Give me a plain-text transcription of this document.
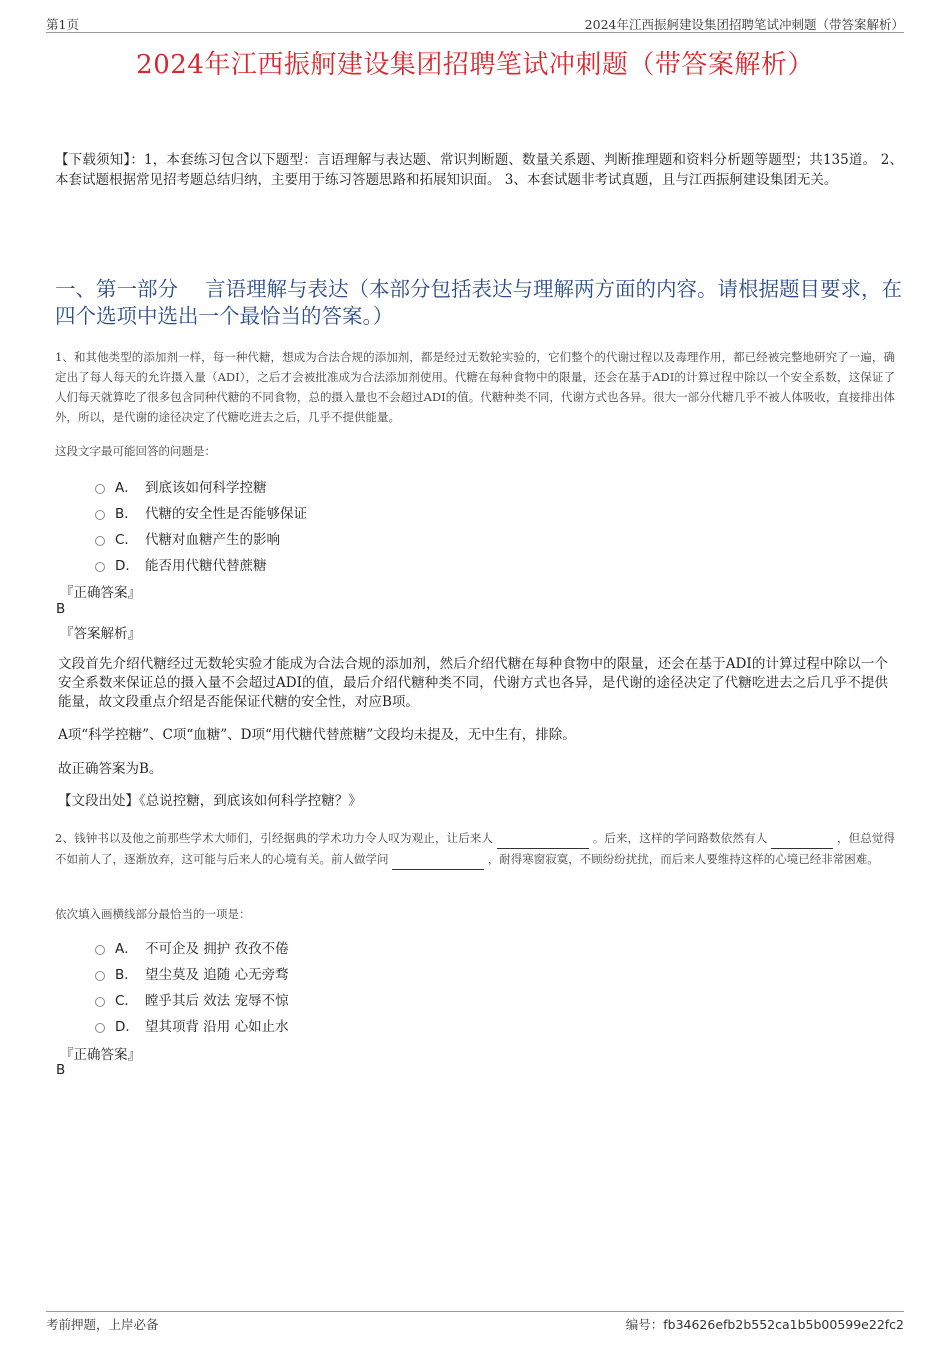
第1页	2024年江西振舸建设集团招聘笔试冲刺题（带答案解析）
2024年江西振舸建设集团招聘笔试冲刺题（带答案解析）
【下载须知】：1，本套练习包含以下题型：言语理解与表达题、常识判断题、数量关系题、判断推理题和资料分析题等题型；共135道。 2、本套试题根据常见招考题总结归纳，主要用于练习答题思路和拓展知识面。 3、本套试题非考试真题，且与江西振舸建设集团无关。
一、第一部分　 言语理解与表达（本部分包括表达与理解两方面的内容。请根据题目要求，在四个选项中选出一个最恰当的答案。）
1、和其他类型的添加剂一样，每一种代糖，想成为合法合规的添加剂，都是经过无数轮实验的，它们整个的代谢过程以及毒理作用，都已经被完整地研究了一遍，确定出了每人每天的允许摄入量（ADI），之后才会被批准成为合法添加剂使用。代糖在每种食物中的限量，还会在基于ADI的计算过程中除以一个安全系数，这保证了人们每天就算吃了很多包含同种代糖的不同食物，总的摄入量也不会超过ADI的值。代糖种类不同，代谢方式也各异。很大一部分代糖几乎不被人体吸收，直接排出体外，所以，是代谢的途径决定了代糖吃进去之后，几乎不提供能量。
这段文字最可能回答的问题是：
A． 到底该如何科学控糖
B． 代糖的安全性是否能够保证
C． 代糖对血糖产生的影响
D． 能否用代糖代替蔗糖
『正确答案』
B
『答案解析』
文段首先介绍代糖经过无数轮实验才能成为合法合规的添加剂，然后介绍代糖在每种食物中的限量，还会在基于ADI的计算过程中除以一个安全系数来保证总的摄入量不会超过ADI的值，最后介绍代糖种类不同，代谢方式也各异，是代谢的途径决定了代糖吃进去之后几乎不提供能量，故文段重点介绍是否能保证代糖的安全性，对应B项。
A项“科学控糖”、C项“血糖”、D项“用代糖代替蔗糖”文段均未提及，无中生有，排除。
故正确答案为B。
【文段出处】《总说控糖，到底该如何科学控糖？》
2、钱钟书以及他之前那些学术大师们，引经据典的学术功力令人叹为观止，让后来人	。后来，这样的学问路数依然有人	，但总觉得不如前人了，逐渐放弃，这可能与后来人的心境有关。前人做学问	，耐得寒窗寂寞，不顾纷纷扰扰，而后来人要维持这样的心境已经非常困难。
依次填入画横线部分最恰当的一项是：
A． 不可企及 拥护 孜孜不倦
B． 望尘莫及 追随 心无旁骛
C． 瞠乎其后 效法 宠辱不惊
D． 望其项背 沿用 心如止水
『正确答案』
B
考前押题，上岸必备	编号：fb34626efb2b552ca1b5b00599e22fc2
